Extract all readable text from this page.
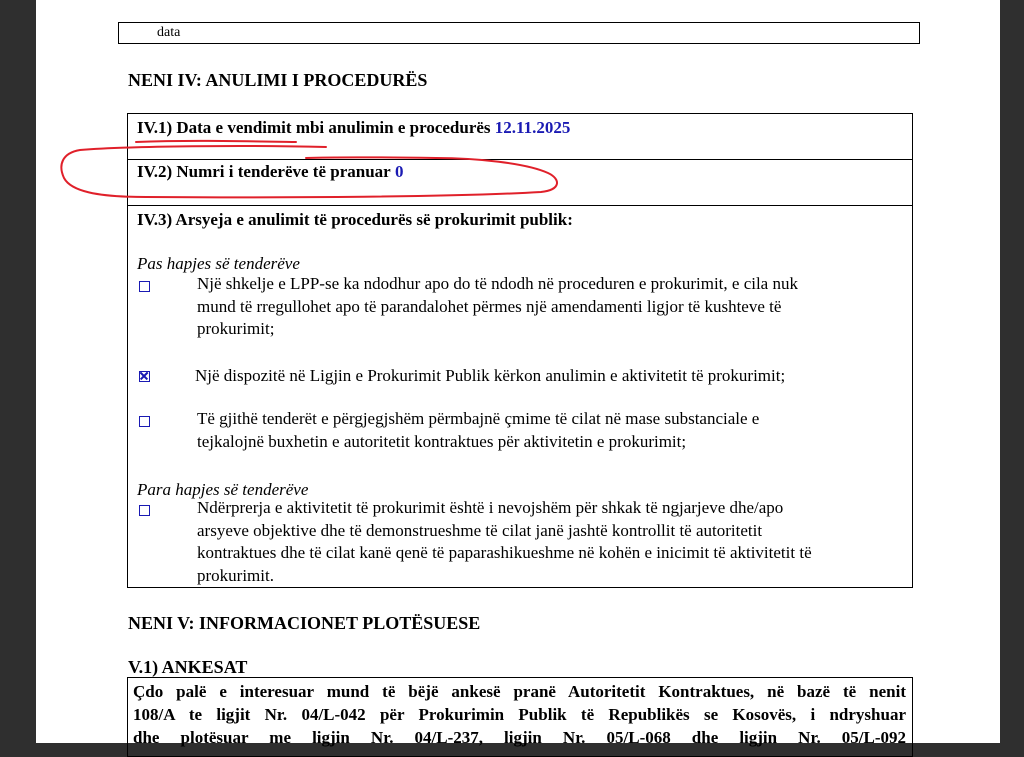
data
NENI IV: ANULIMI I PROCEDURËS
IV.1) Data e vendimit mbi anulimin e procedurës 12.11.2025
IV.2) Numri i tenderëve të pranuar 0
IV.3) Arsyeja e anulimit të procedurës së prokurimit publik:
Pas hapjes së tenderëve
Një shkelje e LPP-se ka ndodhur apo do të ndodh në proceduren e prokurimit, e cila nuk
mund të rregullohet apo të parandalohet përmes një amendamenti ligjor të kushteve të
prokurimit;
Një dispozitë në Ligjin e Prokurimit Publik kërkon anulimin e aktivitetit të prokurimit;
Të gjithë tenderët e përgjegjshëm përmbajnë çmime të cilat në mase substanciale e
tejkalojnë buxhetin e autoritetit kontraktues për aktivitetin e prokurimit;
Para hapjes së tenderëve
Ndërprerja e aktivitetit të prokurimit është i nevojshëm për shkak të ngjarjeve dhe/apo
arsyeve objektive dhe të demonstrueshme të cilat janë jashtë kontrollit të autoritetit
kontraktues dhe të cilat kanë qenë të paparashikueshme në kohën e inicimit të aktivitetit të
prokurimit.
NENI V: INFORMACIONET PLOTËSUESE
V.1) ANKESAT
Çdo palë e interesuar mund të bëjë ankesë pranë Autoritetit Kontraktues, në bazë të nenit
108/A te ligjit Nr. 04/L-042 për Prokurimin Publik të Republikës se Kosovës, i ndryshuar
dhe plotësuar me ligjin Nr. 04/L-237, ligjin Nr. 05/L-068 dhe ligjin Nr. 05/L-092
